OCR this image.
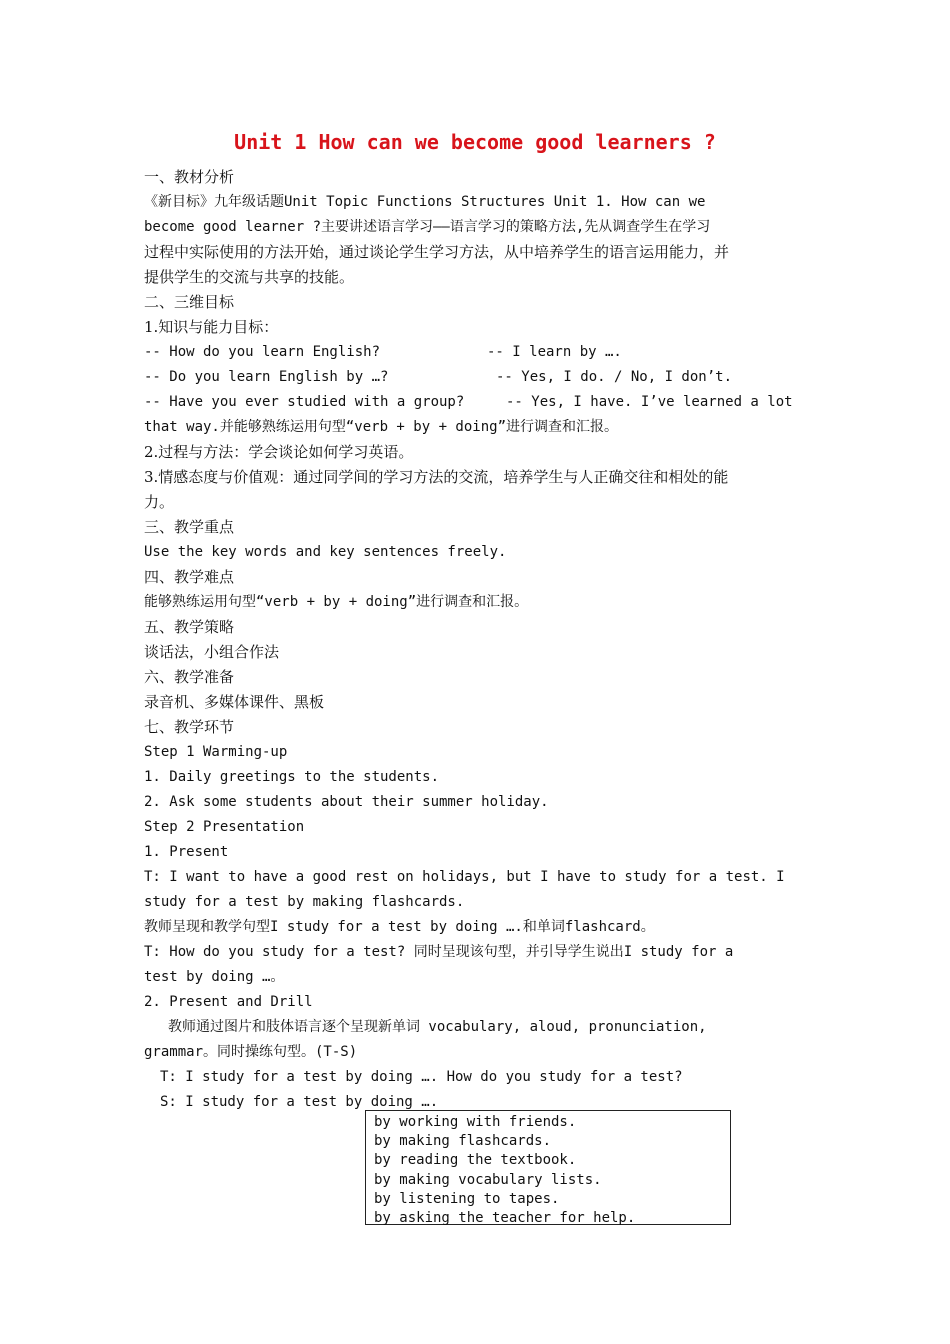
Unit 1 How can we become good learners ?

一、教材分析

《新目标》九年级话题Unit Topic Functions Structures Unit 1. How can we

become good learner ?主要讲述语言学习——语言学习的策略方法,先从调查学生在学习

过程中实际使用的方法开始，通过谈论学生学习方法，从中培养学生的语言运用能力，并

提供学生的交流与共享的技能。

二、三维目标

1.知识与能力目标：

-- How do you learn English?	-- I learn by ….

-- Do you learn English by …?	-- Yes, I do. / No, I don’t.

-- Have you ever studied with a group?	-- Yes, I have. I’ve learned a lot

that way.并能够熟练运用句型“verb + by + doing”进行调查和汇报。

2.过程与方法：学会谈论如何学习英语。

3.情感态度与价值观：通过同学间的学习方法的交流，培养学生与人正确交往和相处的能

力。

三、教学重点

Use the key words and key sentences freely.

四、教学难点

能够熟练运用句型“verb + by + doing”进行调查和汇报。

五、教学策略

谈话法，小组合作法

六、教学准备

录音机、多媒体课件、黑板

七、教学环节

Step 1 Warming-up

1. Daily greetings to the students.

2. Ask some students about their summer holiday.

Step 2 Presentation

1. Present

T: I want to have a good rest on holidays, but I have to study for a test. I

study for a test by making flashcards.

教师呈现和教学句型I study for a test by doing ….和单词flashcard。

T: How do you study for a test? 同时呈现该句型，并引导学生说出I study for a

test by doing …。

2. Present and Drill

教师通过图片和肢体语言逐个呈现新单词 vocabulary, aloud, pronunciation,

grammar。同时操练句型。(T-S)

T: I study for a test by doing …. How do you study for a test?

S: I study for a test by doing ….

by working with friends.
by making flashcards.
by reading the textbook.
by making vocabulary lists.
by listening to tapes.
by asking the teacher for help.
